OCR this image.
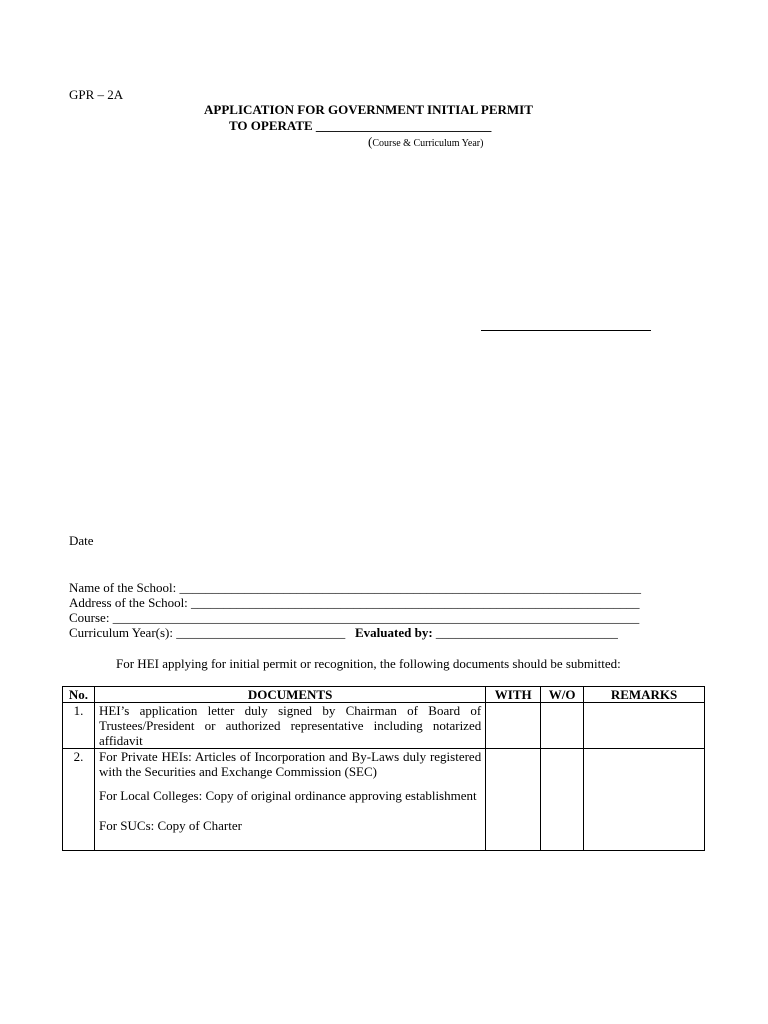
GPR – 2A
APPLICATION FOR GOVERNMENT INITIAL PERMIT
TO OPERATE ___________________________
(Course & Curriculum Year)
Date
Name of the School: _______________________________________________________________________
Address of the School: _____________________________________________________________________
Course: _________________________________________________________________________________
Curriculum Year(s): __________________________ Evaluated by: ____________________________
For HEI applying for initial permit or recognition, the following documents should be submitted:
No.	DOCUMENTS	WITH	W/O	REMARKS
1.	HEI’s application letter duly signed by Chairman of Board of Trustees/President or authorized representative including notarized affidavit			

2.	For Private HEIs: Articles of Incorporation and By-Laws duly registered with the Securities and Exchange Commission (SEC)

For Local Colleges: Copy of original ordinance approving establishment

For SUCs: Copy of Charter			
